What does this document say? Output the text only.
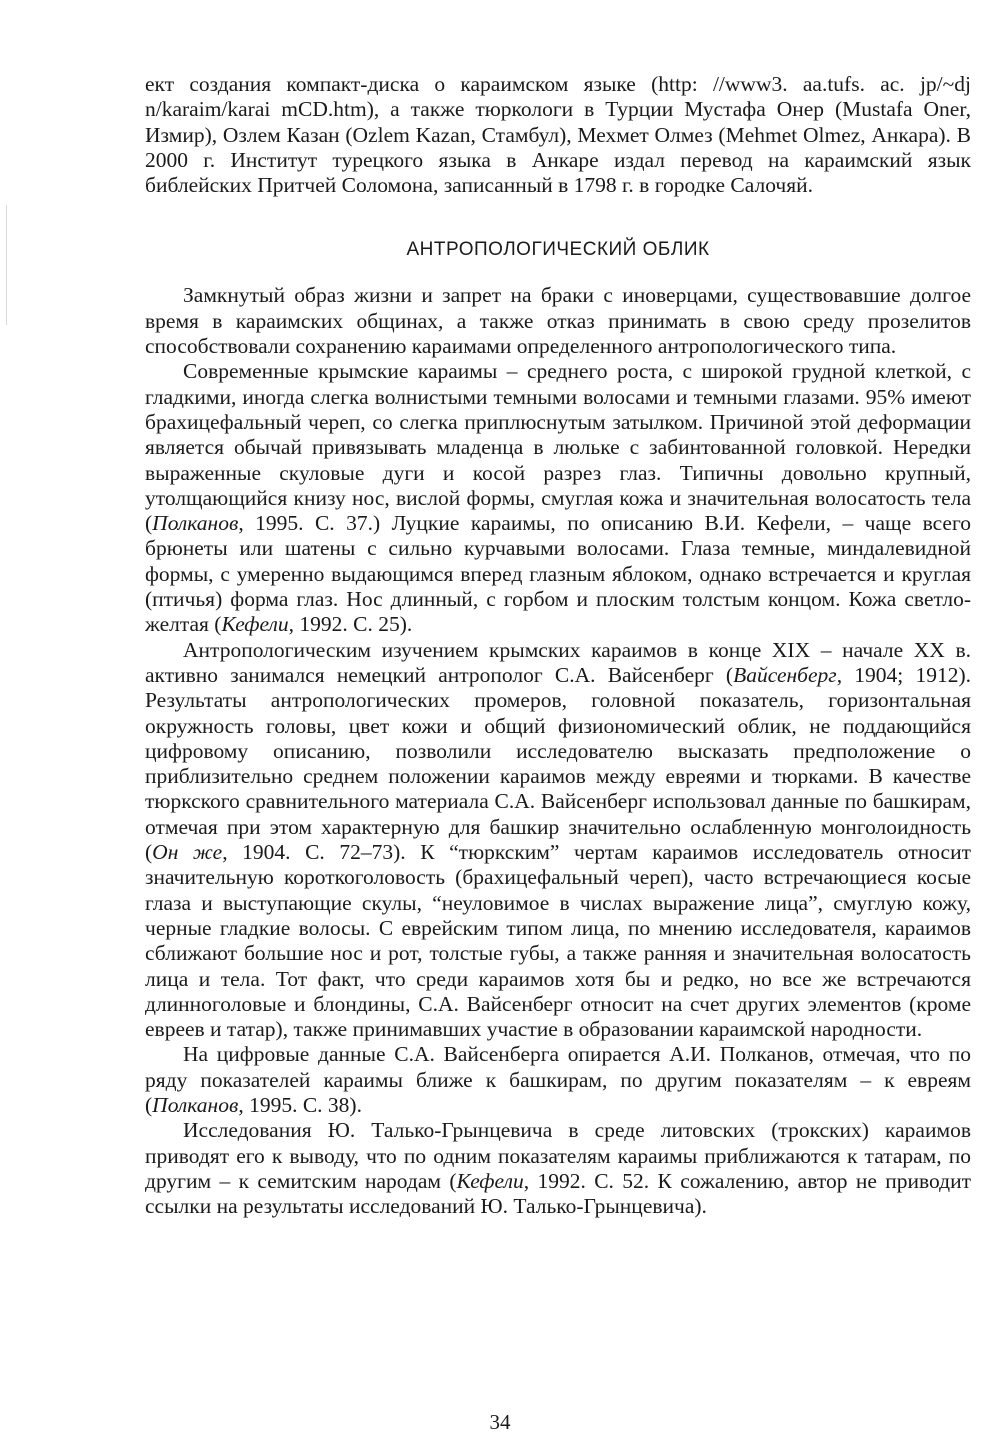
ект создания компакт-диска о караимском языке (http: //www3. aa.tufs. ac. jp/~dj n/karaim/karai mCD.htm), а также тюркологи в Турции Мустафа Онер (Mustafa Oner, Измир), Озлем Казан (Ozlem Kazan, Стамбул), Мехмет Олмез (Mehmet Olmez, Анкара). В 2000 г. Институт турецкого языка в Анкаре издал перевод на караимский язык библейских Притчей Соломона, записанный в 1798 г. в городке Салочяй.

АНТРОПОЛОГИЧЕСКИЙ ОБЛИК

Замкнутый образ жизни и запрет на браки с иноверцами, существовавшие долгое время в караимских общинах, а также отказ принимать в свою среду прозелитов способствовали сохранению караимами определенного антропологического типа.

Современные крымские караимы – среднего роста, с широкой грудной клеткой, с гладкими, иногда слегка волнистыми темными волосами и темными глазами. 95% имеют брахицефальный череп, со слегка приплюснутым затылком. Причиной этой деформации является обычай привязывать младенца в люльке с забинтованной головкой. Нередки выраженные скуловые дуги и косой разрез глаз. Типичны довольно крупный, утолщающийся книзу нос, вислой формы, смуглая кожа и значительная волосатость тела (Полканов, 1995. С. 37.) Луцкие караимы, по описанию В.И. Кефели, – чаще всего брюнеты или шатены с сильно курчавыми волосами. Глаза темные, миндалевидной формы, с умеренно выдающимся вперед глазным яблоком, однако встречается и круглая (птичья) форма глаз. Нос длинный, с горбом и плоским толстым концом. Кожа светло-желтая (Кефели, 1992. С. 25).

Антропологическим изучением крымских караимов в конце XIX – начале XX в. активно занимался немецкий антрополог С.А. Вайсенберг (Вайсенберг, 1904; 1912). Результаты антропологических промеров, головной показатель, горизонтальная окружность головы, цвет кожи и общий физиономический облик, не поддающийся цифровому описанию, позволили исследователю высказать предположение о приблизительно среднем положении караимов между евреями и тюрками. В качестве тюркского сравнительного материала С.А. Вайсенберг использовал данные по башкирам, отмечая при этом характерную для башкир значительно ослабленную монголоидность (Он же, 1904. С. 72–73). К “тюркским” чертам караимов исследователь относит значительную короткоголовость (брахицефальный череп), часто встречающиеся косые глаза и выступающие скулы, “неуловимое в числах выражение лица”, смуглую кожу, черные гладкие волосы. С еврейским типом лица, по мнению исследователя, караимов сближают большие нос и рот, толстые губы, а также ранняя и значительная волосатость лица и тела. Тот факт, что среди караимов хотя бы и редко, но все же встречаются длинноголовые и блондины, С.А. Вайсенберг относит на счет других элементов (кроме евреев и татар), также принимавших участие в образовании караимской народности.

На цифровые данные С.А. Вайсенберга опирается А.И. Полканов, отмечая, что по ряду показателей караимы ближе к башкирам, по другим показателям – к евреям (Полканов, 1995. С. 38).

Исследования Ю. Талько-Грынцевича в среде литовских (трокских) караимов приводят его к выводу, что по одним показателям караимы приближаются к татарам, по другим – к семитским народам (Кефели, 1992. С. 52. К сожалению, автор не приводит ссылки на результаты исследований Ю. Талько-Грынцевича).

34
